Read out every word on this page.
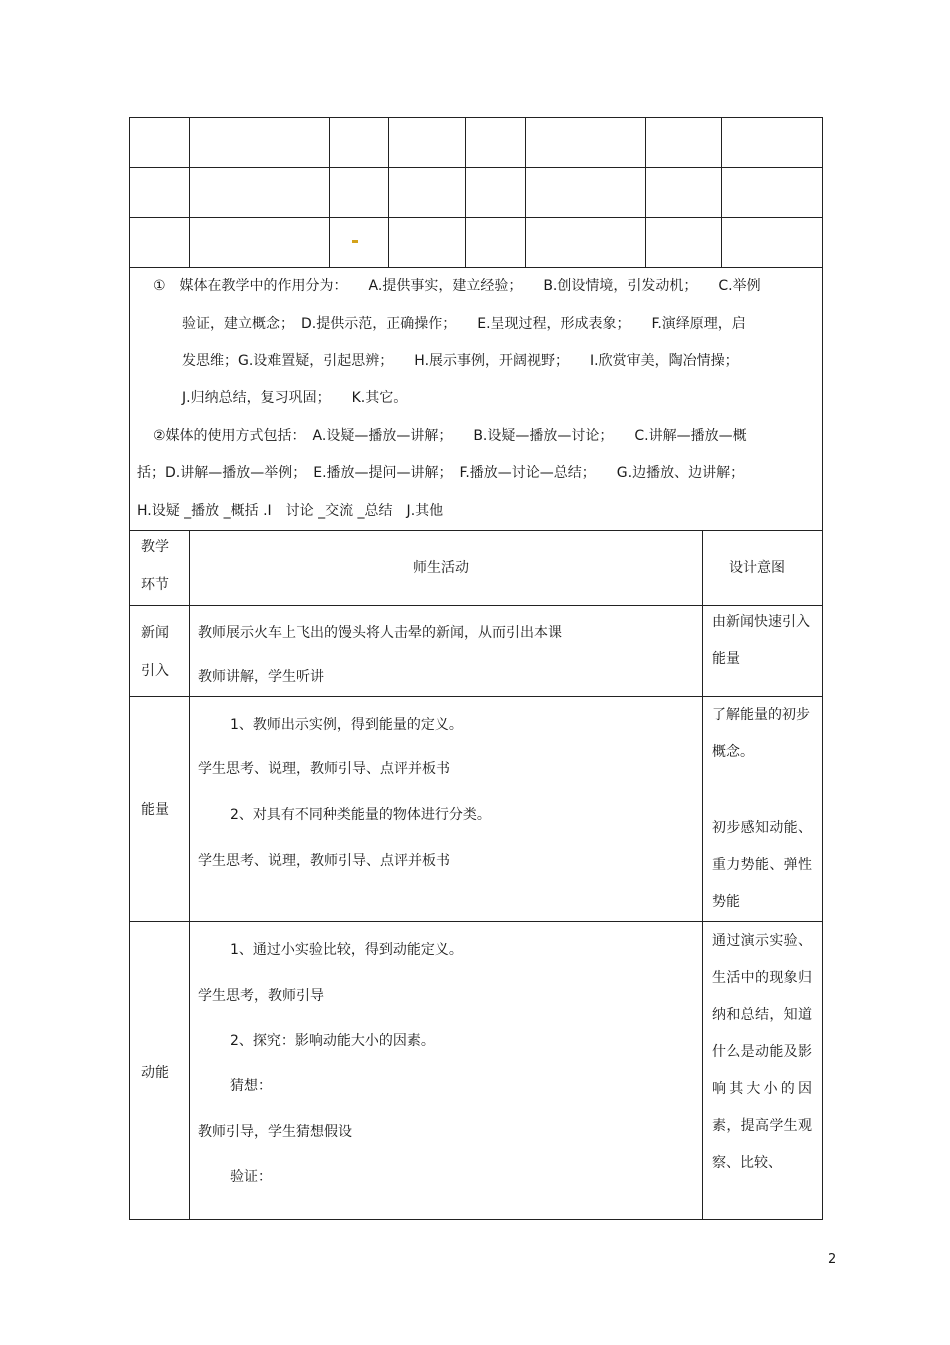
①　媒体在教学中的作用分为：　　A.提供事实，建立经验；　　B.创设情境，引发动机；　　C.举例
验证，建立概念；　D.提供示范，正确操作；　　E.呈现过程，形成表象；　　F.演绎原理，启
发思维；G.设难置疑，引起思辨；　　H.展示事例，开阔视野；　　I.欣赏审美，陶冶情操；
J.归纳总结，复习巩固；　　K.其它。
②媒体的使用方式包括：　A.设疑—播放—讲解；　　B.设疑—播放—讨论；　　C.讲解—播放—概
括；D.讲解—播放—举例；　E.播放—提问—讲解；　F.播放—讨论—总结；　　G.边播放、边讲解；
H.设疑 _播放 _概括 .I　讨论 _交流 _总结　J.其他
教学
环节
师生活动	设计意图
新闻
引入
教师展示火车上飞出的馒头将人击晕的新闻，从而引出本课
教师讲解，学生听讲
由新闻快速引入能量
能量
1、教师出示实例，得到能量的定义。
学生思考、说理，教师引导、点评并板书
2、对具有不同种类能量的物体进行分类。
学生思考、说理，教师引导、点评并板书
了解能量的初步概念。
初步感知动能、重力势能、弹性势能
动能
1、通过小实验比较，得到动能定义。
学生思考，教师引导
2、探究：影响动能大小的因素。
猜想：
教师引导，学生猜想假设
验证：
通过演示实验、生活中的现象归纳和总结，知道什么是动能及影响其大小的因素，提高学生观察、比较、
2
